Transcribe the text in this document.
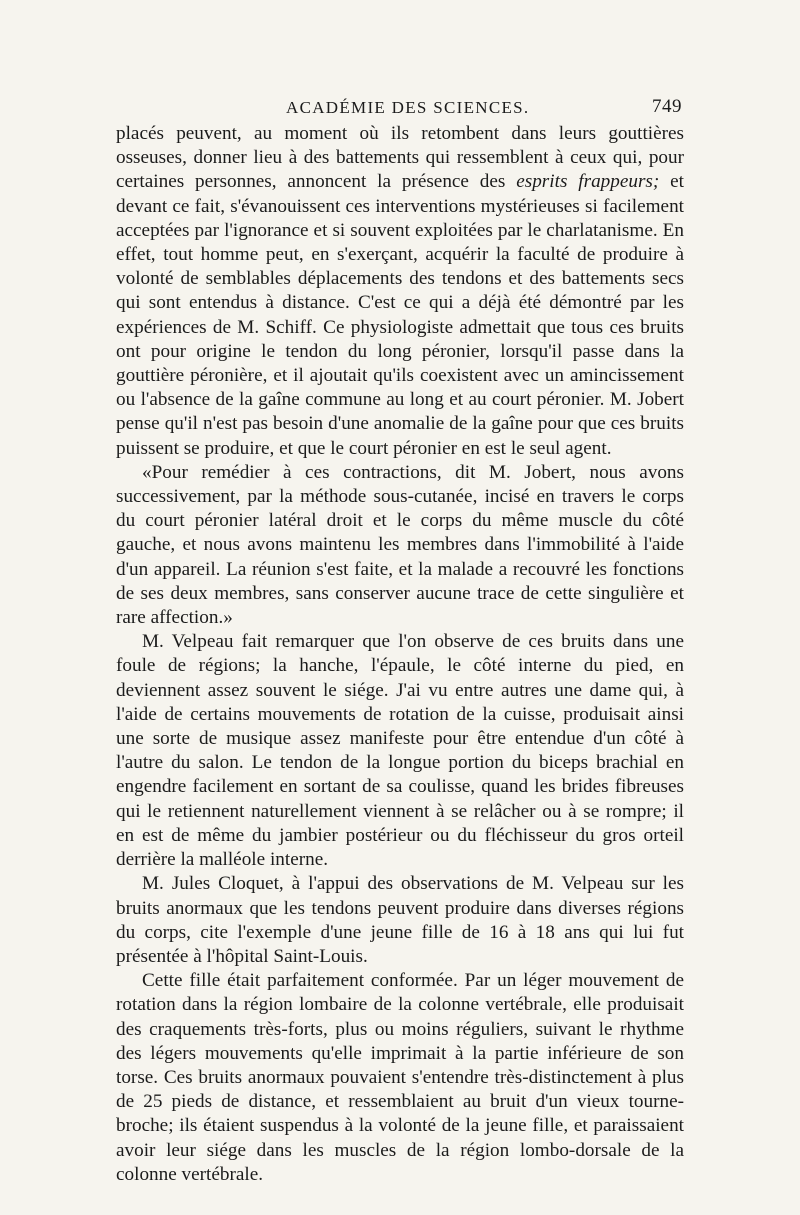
ACADÉMIE DES SCIENCES.	749

placés peuvent, au moment où ils retombent dans leurs gouttières osseuses, donner lieu à des battements qui ressemblent à ceux qui, pour certaines personnes, annoncent la présence des esprits frappeurs; et devant ce fait, s'évanouissent ces interventions mystérieuses si facilement acceptées par l'ignorance et si souvent exploitées par le charlatanisme. En effet, tout homme peut, en s'exerçant, acquérir la faculté de produire à volonté de semblables déplacements des tendons et des battements secs qui sont entendus à distance. C'est ce qui a déjà été démontré par les expériences de M. Schiff. Ce physiologiste admettait que tous ces bruits ont pour origine le tendon du long péronier, lorsqu'il passe dans la gouttière péronière, et il ajoutait qu'ils coexistent avec un amincissement ou l'absence de la gaîne commune au long et au court péronier. M. Jobert pense qu'il n'est pas besoin d'une anomalie de la gaîne pour que ces bruits puissent se produire, et que le court péronier en est le seul agent.

«Pour remédier à ces contractions, dit M. Jobert, nous avons successivement, par la méthode sous-cutanée, incisé en travers le corps du court péronier latéral droit et le corps du même muscle du côté gauche, et nous avons maintenu les membres dans l'immobilité à l'aide d'un appareil. La réunion s'est faite, et la malade a recouvré les fonctions de ses deux membres, sans conserver aucune trace de cette singulière et rare affection.»

M. Velpeau fait remarquer que l'on observe de ces bruits dans une foule de régions; la hanche, l'épaule, le côté interne du pied, en deviennent assez souvent le siége. J'ai vu entre autres une dame qui, à l'aide de certains mouvements de rotation de la cuisse, produisait ainsi une sorte de musique assez manifeste pour être entendue d'un côté à l'autre du salon. Le tendon de la longue portion du biceps brachial en engendre facilement en sortant de sa coulisse, quand les brides fibreuses qui le retiennent naturellement viennent à se relâcher ou à se rompre; il en est de même du jambier postérieur ou du fléchisseur du gros orteil derrière la malléole interne.

M. Jules Cloquet, à l'appui des observations de M. Velpeau sur les bruits anormaux que les tendons peuvent produire dans diverses régions du corps, cite l'exemple d'une jeune fille de 16 à 18 ans qui lui fut présentée à l'hôpital Saint-Louis.

Cette fille était parfaitement conformée. Par un léger mouvement de rotation dans la région lombaire de la colonne vertébrale, elle produisait des craquements très-forts, plus ou moins réguliers, suivant le rhythme des légers mouvements qu'elle imprimait à la partie inférieure de son torse. Ces bruits anormaux pouvaient s'entendre très-distinctement à plus de 25 pieds de distance, et ressemblaient au bruit d'un vieux tourne-broche; ils étaient suspendus à la volonté de la jeune fille, et paraissaient avoir leur siége dans les muscles de la région lombo-dorsale de la colonne vertébrale.
